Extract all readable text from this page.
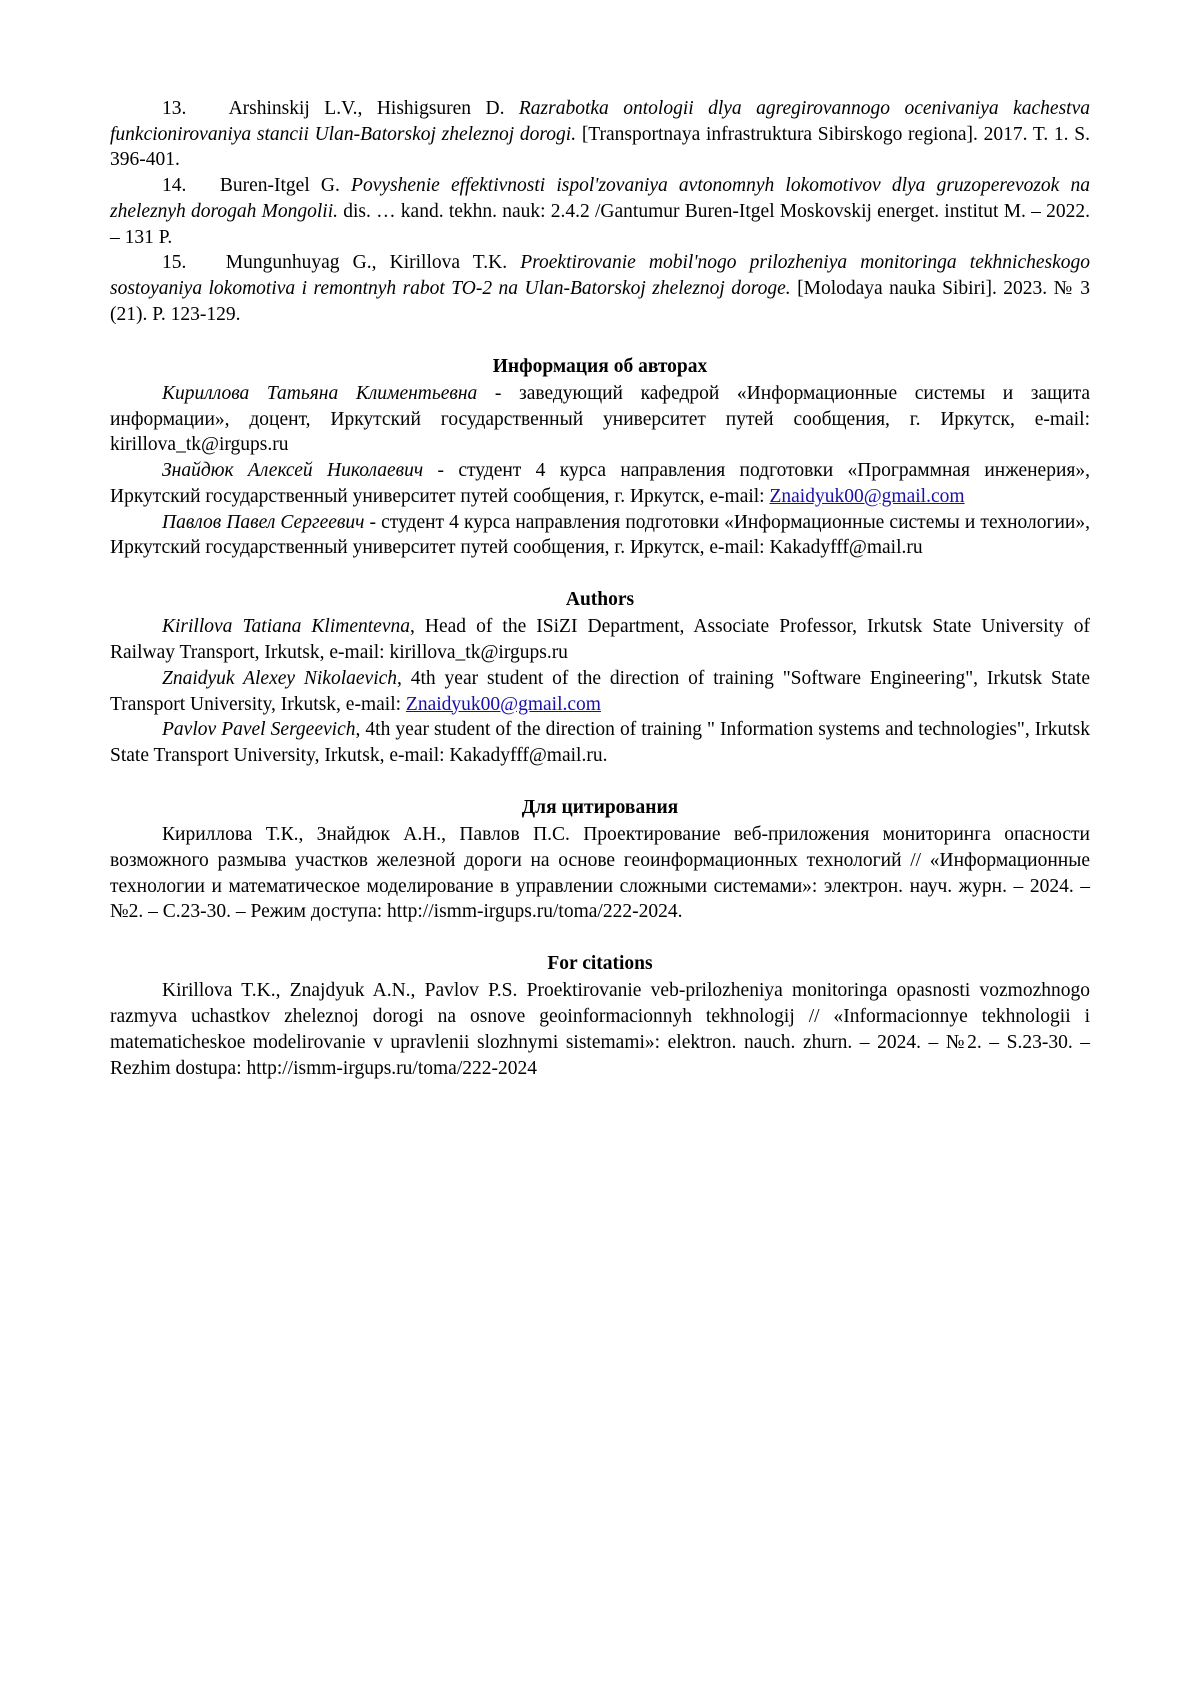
13. Arshinskij L.V., Hishigsuren D. Razrabotka ontologii dlya agregirovannogo ocenivaniya kachestva funkcionirovaniya stancii Ulan-Batorskoj zheleznoj dorogi. [Transportnaya infrastruktura Sibirskogo regiona]. 2017. T. 1. S. 396-401.

14. Buren-Itgel G. Povyshenie effektivnosti ispol'zovaniya avtonomnyh lokomotivov dlya gruzoperevozok na zheleznyh dorogah Mongolii. dis. … kand. tekhn. nauk: 2.4.2 /Gantumur Buren-Itgel Moskovskij energet. institut M. – 2022. – 131 P.

15. Mungunhuyag G., Kirillova T.K. Proektirovanie mobil'nogo prilozheniya monitoringa tekhnicheskogo sostoyaniya lokomotiva i remontnyh rabot TO-2 na Ulan-Batorskoj zheleznoj doroge. [Molodaya nauka Sibiri]. 2023. № 3 (21). P. 123-129.

Информация об авторах

Кириллова Татьяна Климентьевна - заведующий кафедрой «Информационные системы и защита информации», доцент, Иркутский государственный университет путей сообщения, г. Иркутск, e-mail: kirillova_tk@irgups.ru

Знайдюк Алексей Николаевич - студент 4 курса направления подготовки «Программная инженерия», Иркутский государственный университет путей сообщения, г. Иркутск, e-mail: Znaidyuk00@gmail.com

Павлов Павел Сергеевич - студент 4 курса направления подготовки «Информационные системы и технологии», Иркутский государственный университет путей сообщения, г. Иркутск, e-mail: Kakadyfff@mail.ru

Authors

Kirillova Tatiana Klimentevna, Head of the ISiZI Department, Associate Professor, Irkutsk State University of Railway Transport, Irkutsk, e-mail: kirillova_tk@irgups.ru

Znaidyuk Alexey Nikolaevich, 4th year student of the direction of training "Software Engineering", Irkutsk State Transport University, Irkutsk, e-mail: Znaidyuk00@gmail.com

Pavlov Pavel Sergeevich, 4th year student of the direction of training " Information systems and technologies", Irkutsk State Transport University, Irkutsk, e-mail: Kakadyfff@mail.ru.

Для цитирования

Кириллова Т.К., Знайдюк А.Н., Павлов П.С. Проектирование веб-приложения мониторинга опасности возможного размыва участков железной дороги на основе геоинформационных технологий // «Информационные технологии и математическое моделирование в управлении сложными системами»: электрон. науч. журн. – 2024. – №2. – С.23-30. – Режим доступа: http://ismm-irgups.ru/toma/222-2024.

For citations

Kirillova T.K., Znajdyuk A.N., Pavlov P.S. Proektirovanie veb-prilozheniya monitoringa opasnosti vozmozhnogo razmyva uchastkov zheleznoj dorogi na osnove geoinformacionnyh tekhnologij // «Informacionnye tekhnologii i matematicheskoe modelirovanie v upravlenii slozhnymi sistemami»: elektron. nauch. zhurn. – 2024. – №2. – S.23-30. – Rezhim dostupa: http://ismm-irgups.ru/toma/222-2024
